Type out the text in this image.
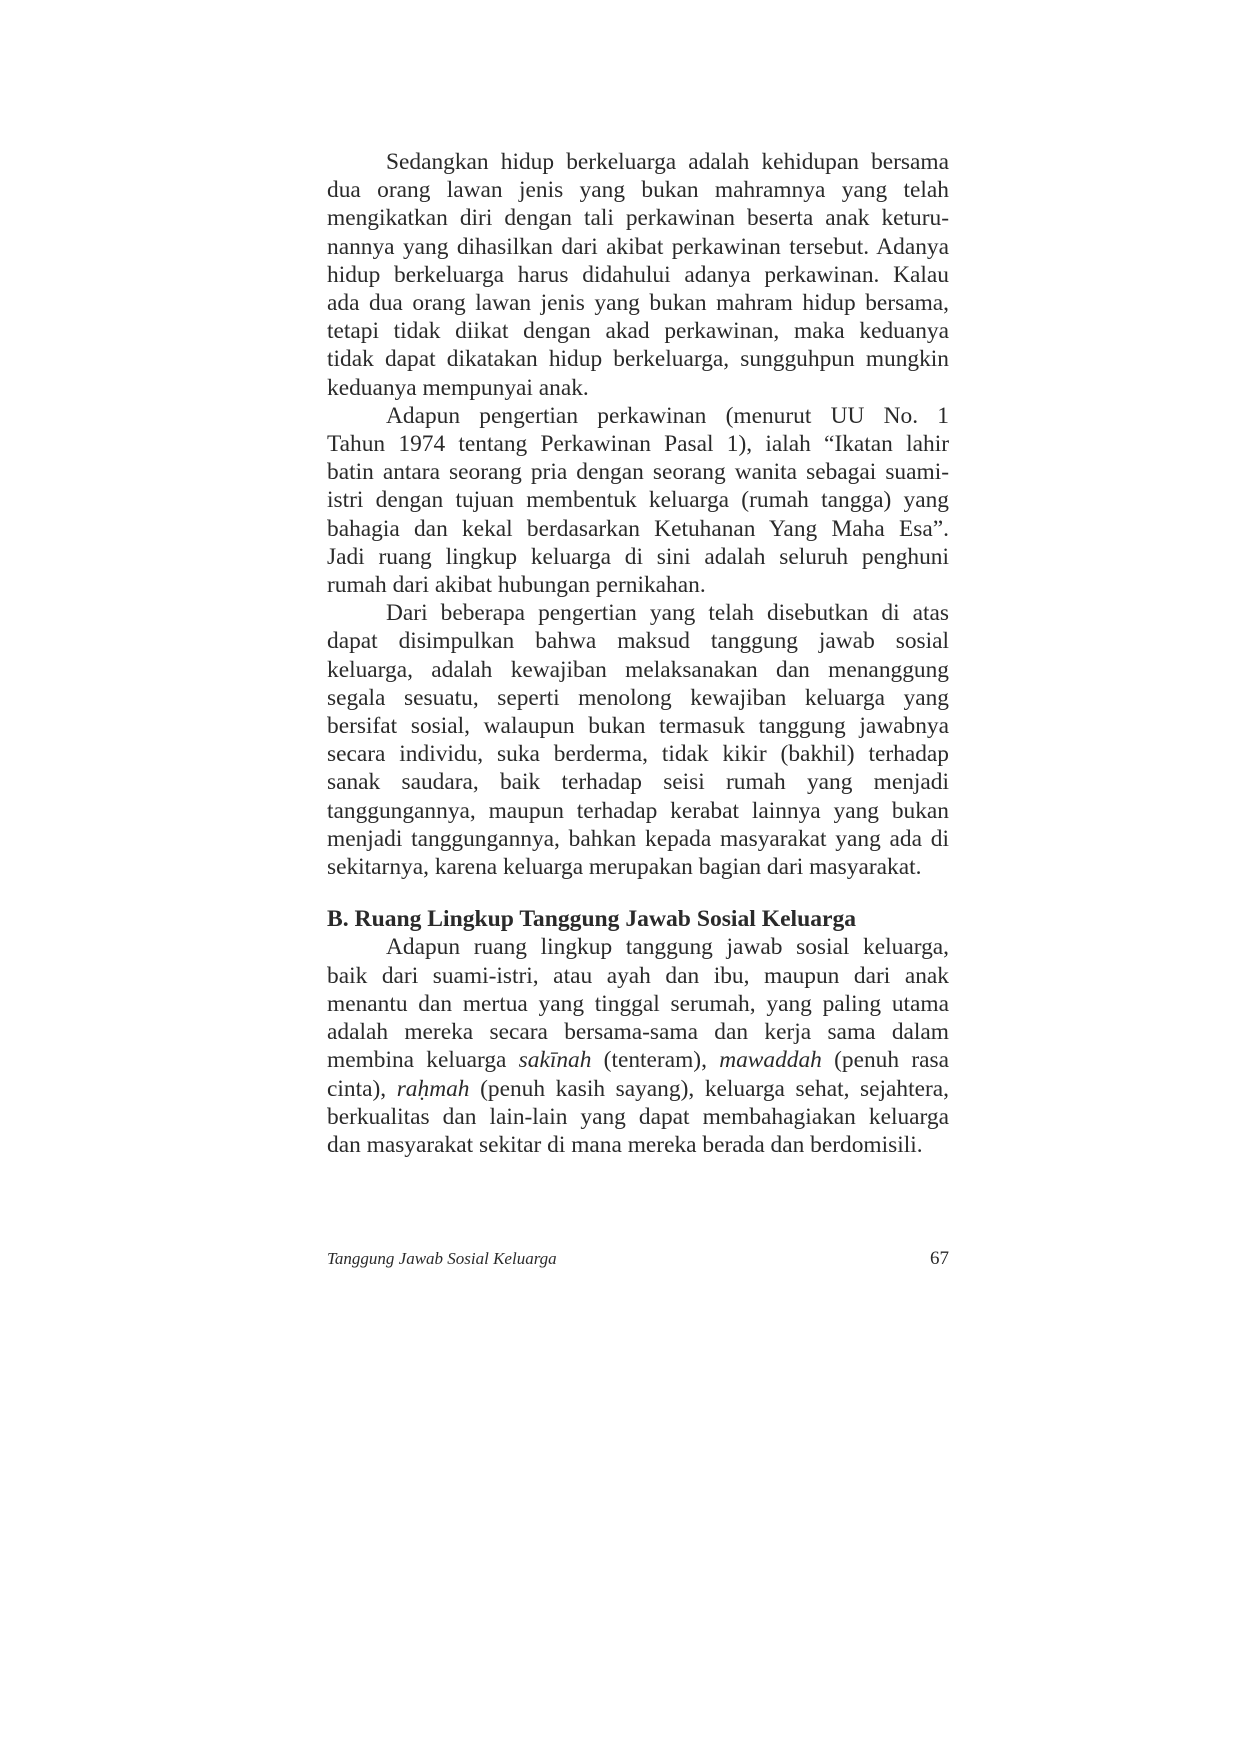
Sedangkan hidup berkeluarga adalah kehidupan bersama
dua orang lawan jenis yang bukan mahramnya yang telah
mengikatkan diri dengan tali perkawinan beserta anak keturu-
nannya yang dihasilkan dari akibat perkawinan tersebut. Adanya
hidup berkeluarga harus didahului adanya perkawinan. Kalau
ada dua orang lawan jenis yang bukan mahram hidup bersama,
tetapi tidak diikat dengan akad perkawinan, maka keduanya
tidak dapat dikatakan hidup berkeluarga, sungguhpun mungkin
keduanya mempunyai anak.
Adapun pengertian perkawinan (menurut UU No. 1
Tahun 1974 tentang Perkawinan Pasal 1), ialah “Ikatan lahir
batin antara seorang pria dengan seorang wanita sebagai suami-
istri dengan tujuan membentuk keluarga (rumah tangga) yang
bahagia dan kekal berdasarkan Ketuhanan Yang Maha Esa”.
Jadi ruang lingkup keluarga di sini adalah seluruh penghuni
rumah dari akibat hubungan pernikahan.
Dari beberapa pengertian yang telah disebutkan di atas
dapat disimpulkan bahwa maksud tanggung jawab sosial
keluarga, adalah kewajiban melaksanakan dan menanggung
segala sesuatu, seperti menolong kewajiban keluarga yang
bersifat sosial, walaupun bukan termasuk tanggung jawabnya
secara individu, suka berderma, tidak kikir (bakhil) terhadap
sanak saudara, baik terhadap seisi rumah yang menjadi
tanggungannya, maupun terhadap kerabat lainnya yang bukan
menjadi tanggungannya, bahkan kepada masyarakat yang ada di
sekitarnya, karena keluarga merupakan bagian dari masyarakat.
B. Ruang Lingkup Tanggung Jawab Sosial Keluarga
Adapun ruang lingkup tanggung jawab sosial keluarga,
baik dari suami-istri, atau ayah dan ibu, maupun dari anak
menantu dan mertua yang tinggal serumah, yang paling utama
adalah mereka secara bersama-sama dan kerja sama dalam
membina keluarga sakīnah (tenteram), mawaddah (penuh rasa
cinta), raḥmah (penuh kasih sayang), keluarga sehat, sejahtera,
berkualitas dan lain-lain yang dapat membahagiakan keluarga
dan masyarakat sekitar di mana mereka berada dan berdomisili.
Tanggung Jawab Sosial Keluarga	67
